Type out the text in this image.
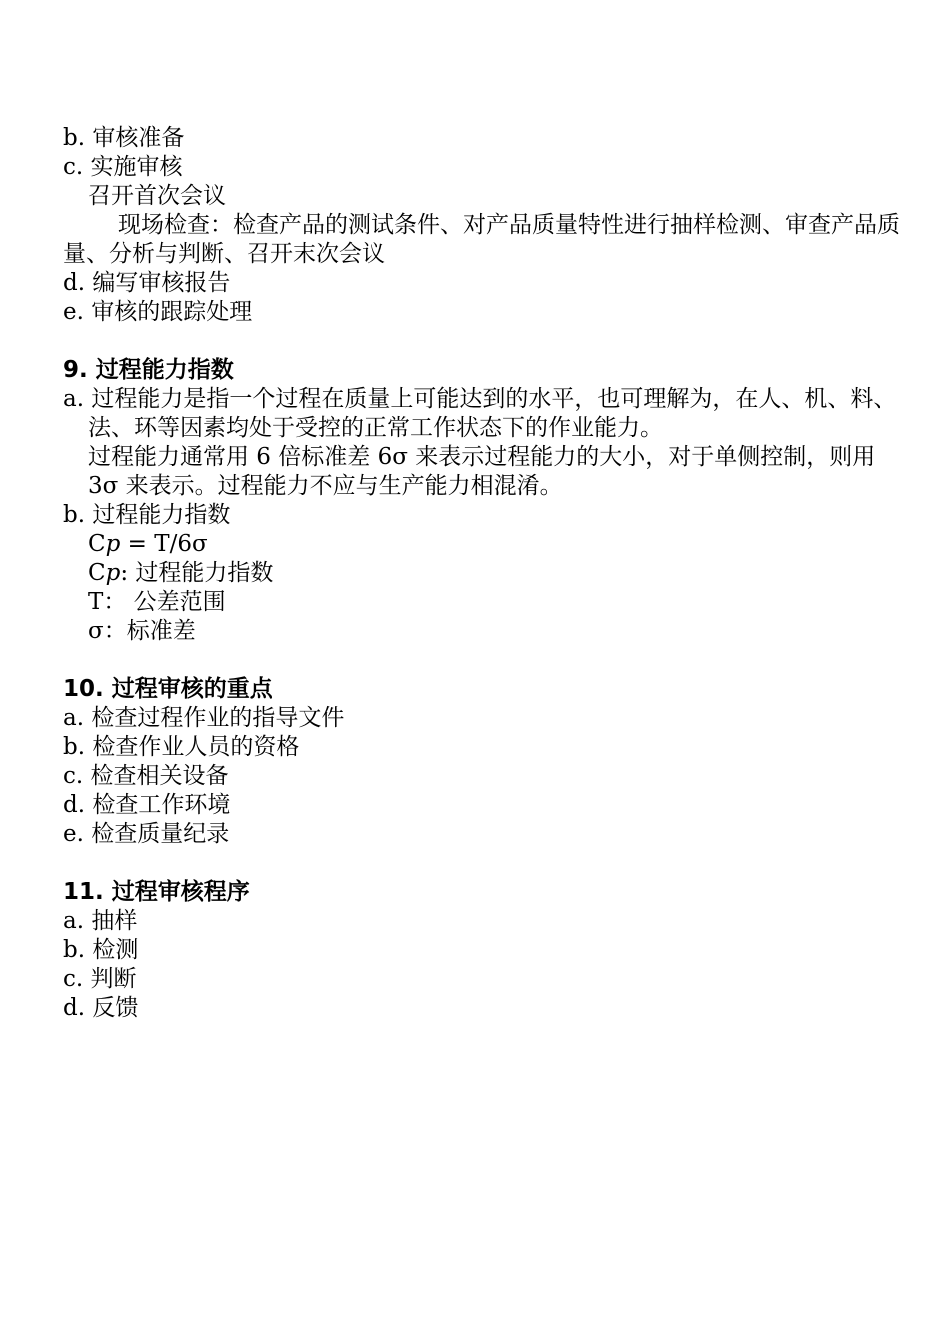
b. 审核准备
c. 实施审核
召开首次会议
现场检查：检查产品的测试条件、对产品质量特性进行抽样检测、审查产品质量、分析与判断、召开末次会议
d. 编写审核报告
e. 审核的跟踪处理
9. 过程能力指数
a. 过程能力是指一个过程在质量上可能达到的水平，也可理解为，在人、机、料、法、环等因素均处于受控的正常工作状态下的作业能力。
过程能力通常用 6 倍标准差 6σ 来表示过程能力的大小，对于单侧控制，则用 3σ 来表示。过程能力不应与生产能力相混淆。
b. 过程能力指数
Cp = T/6σ
Cp: 过程能力指数
T： 公差范围
σ：标准差
10. 过程审核的重点
a. 检查过程作业的指导文件
b. 检查作业人员的资格
c. 检查相关设备
d. 检查工作环境
e. 检查质量纪录
11. 过程审核程序
a. 抽样
b. 检测
c. 判断
d. 反馈
